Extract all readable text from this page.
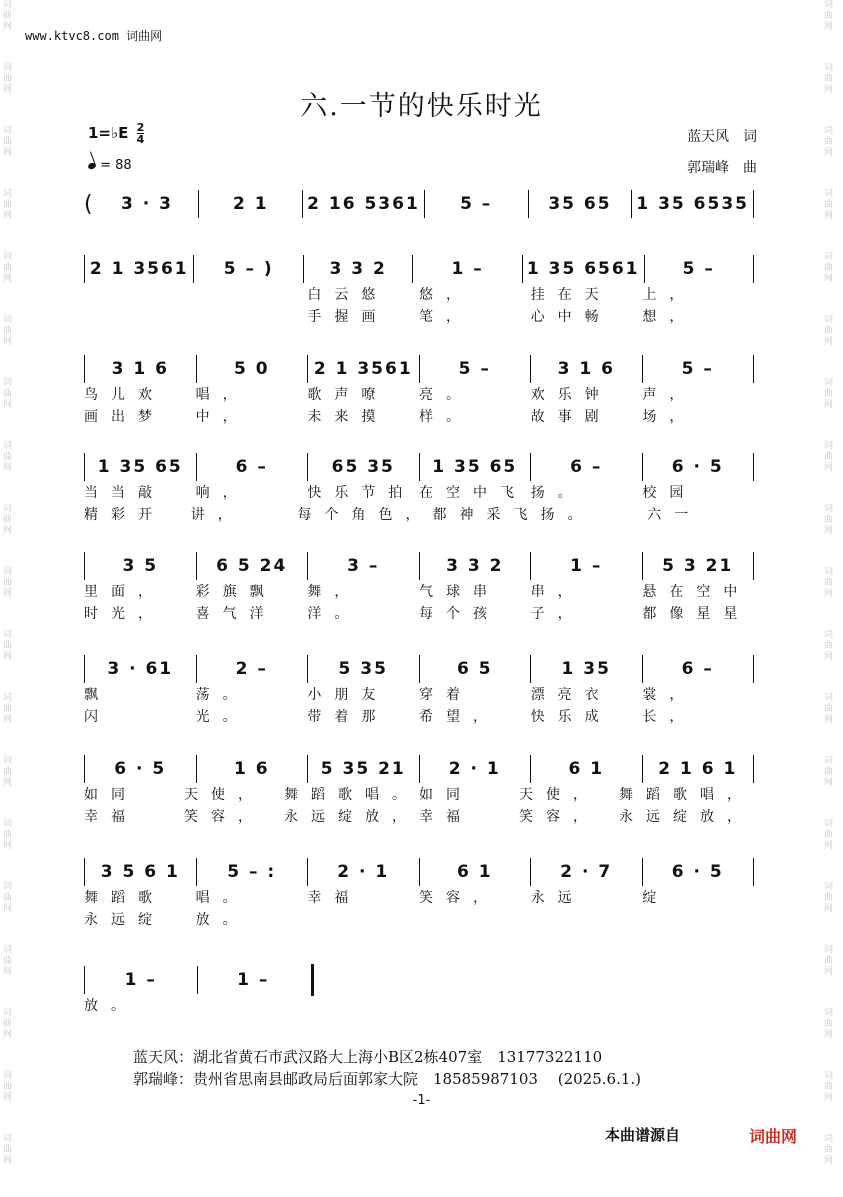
词
曲
网
词
曲
网
词
曲
网
词
曲
网
词
曲
网
词
曲
网
词
曲
网
词
曲
网
词
曲
网
词
曲
网
词
曲
网
词
曲
网
词
曲
网
词
曲
网
词
曲
网
词
曲
网
词
曲
网
词
曲
网
词
曲
网
词
曲
网
词
曲
网
词
曲
网
词
曲
网
词
曲
网
词
曲
网
词
曲
网
词
曲
网
词
曲
网
词
曲
网
词
曲
网
词
曲
网
词
曲
网
词
曲
网
词
曲
网
词
曲
网
词
曲
网
词
曲
网
词
曲
网
www.ktvc8.com 词曲网
六.一节的快乐时光
1=♭E $\frac{2}{4}$
= 88
蓝天风　词
郭瑞峰　曲
(	3 · 3	2 1	2 16 5361	5 –	35 65	1 35 6535
2 1 3561	5 – )	3 3 2	1 –	1 35 6561	5 –
白云悠	悠，	挂在天	上，
手握画	笔，	心中畅	想，
3 1 6	5 0	2 1 3561	5 –	3 1 6	5 –
鸟儿欢	唱，	歌声嘹	亮。	欢乐钟	声，
画出梦	中，	未来摸	样。	故事剧	场，
1 35 65	6 –	65 35	1 35 65	6 –	6 · 5
当当敲	响，	快乐节拍 在空中飞 扬。	校园
精彩开	讲，	每个角色， 都神采飞 扬。	六一
3 5	6 5 24	3 –	3 3 2	1 –	5 3 21
里面，	彩旗飘	舞，	气球串	串，	悬在空中
时光，	喜气洋	洋。	每个孩	子，	都像星星
3 · 61	2 –	5 35	6 5	1 35	6 –
飘	荡。	小朋友	穿着	漂亮衣	裳，
闪	光。	带着那	希望，	快乐成	长，
6 · 5	1 6	5 35 21	2 · 1	6 1	2 1 6 1
如同	天使，	舞蹈歌唱。 如同	天使，	舞蹈歌唱，
幸福	笑容，	永远绽放， 幸福	笑容，	永远绽放，
3 5 6 1	5 – :	2 · 1	6 1	2 · 7	6 · 5
舞蹈歌	唱。	幸福	笑容，	永远	绽
永远绽	放。
1 –	1 –
放。
蓝天风：湖北省黄石市武汉路大上海小B区2栋407室　13177322110
郭瑞峰：贵州省思南县邮政局后面郭家大院　18585987103　 (2025.6.1.)
-1-
本曲谱源自	词曲网
